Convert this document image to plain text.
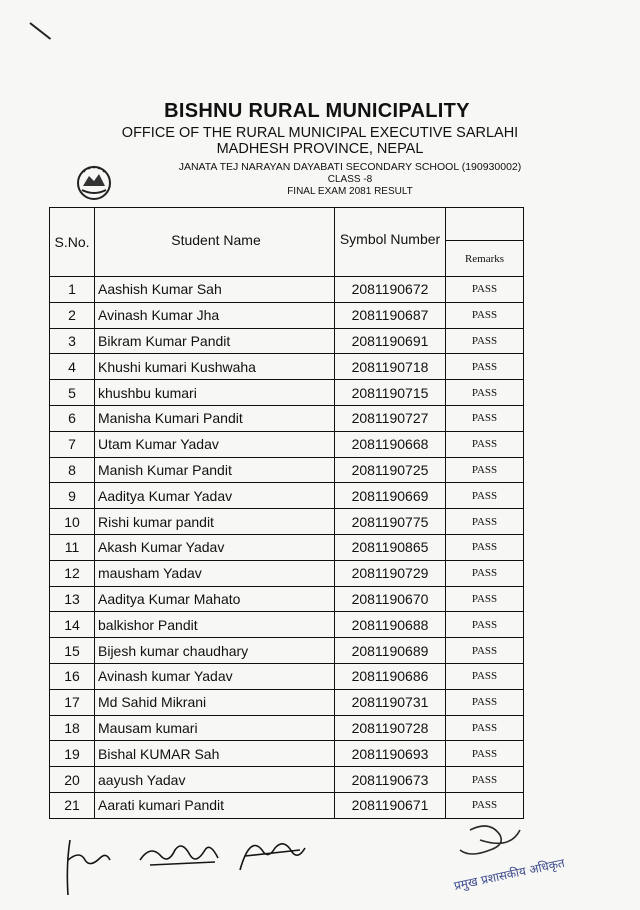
BISHNU RURAL MUNICIPALITY
OFFICE OF THE RURAL MUNICIPAL EXECUTIVE SARLAHI
MADHESH PROVINCE, NEPAL
JANATA TEJ NARAYAN DAYABATI SECONDARY SCHOOL (190930002)
CLASS -8
FINAL EXAM 2081 RESULT
S.No.	Student Name	Symbol Number	
			Remarks
1	Aashish Kumar Sah	2081190672	PASS
2	Avinash Kumar Jha	2081190687	PASS
3	Bikram Kumar Pandit	2081190691	PASS
4	Khushi kumari Kushwaha	2081190718	PASS
5	khushbu kumari	2081190715	PASS
6	Manisha Kumari Pandit	2081190727	PASS
7	Utam Kumar Yadav	2081190668	PASS
8	Manish Kumar Pandit	2081190725	PASS
9	Aaditya Kumar Yadav	2081190669	PASS
10	Rishi kumar pandit	2081190775	PASS
11	Akash Kumar Yadav	2081190865	PASS
12	mausham Yadav	2081190729	PASS
13	Aaditya Kumar Mahato	2081190670	PASS
14	balkishor Pandit	2081190688	PASS
15	Bijesh kumar chaudhary	2081190689	PASS
16	Avinash kumar Yadav	2081190686	PASS
17	Md Sahid Mikrani	2081190731	PASS
18	Mausam kumari	2081190728	PASS
19	Bishal KUMAR Sah	2081190693	PASS
20	aayush Yadav	2081190673	PASS
21	Aarati kumari Pandit	2081190671	PASS
प्रमुख प्रशासकीय अधिकृत
